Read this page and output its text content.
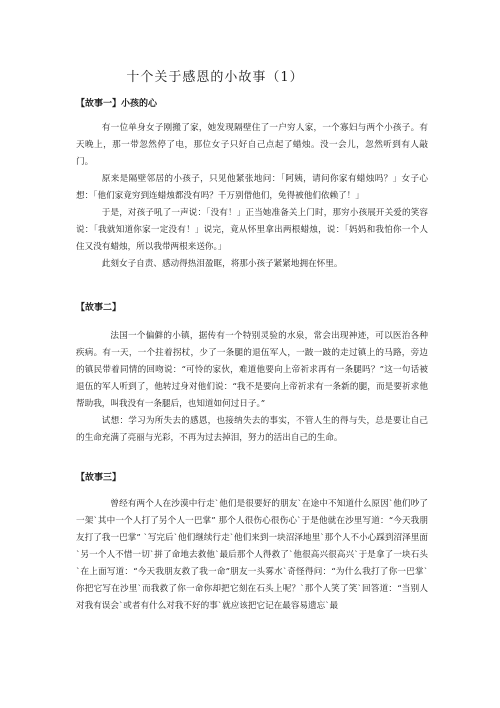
十个关于感恩的小故事（1）
【故事一】小孩的心

有一位单身女子刚搬了家，她发现隔壁住了一户穷人家，一个寡妇与两个小孩子。有天晚上，那一带忽然停了电，那位女子只好自己点起了蜡烛。没一会儿，忽然听到有人敲门。

原来是隔壁邻居的小孩子，只见他紧张地问：「阿姨，请问你家有蜡烛吗？」女子心想：「他们家竟穷到连蜡烛都没有吗？千万别借他们，免得被他们依赖了！」

于是，对孩子吼了一声说：「没有！」正当她准备关上门时，那穷小孩展开关爱的笑容说：「我就知道你家一定没有！」说完，竟从怀里拿出两根蜡烛，说：「妈妈和我怕你一个人住又没有蜡烛，所以我带两根来送你。」

此刻女子自责、感动得热泪盈眶，将那小孩子紧紧地拥在怀里。

【故事二】

法国一个偏僻的小镇，据传有一个特别灵验的水泉，常会出现神迹，可以医治各种疾病。有一天，一个拄着拐杖，少了一条腿的退伍军人，一跛一跛的走过镇上的马路，旁边的镇民带着同情的回吻说：“可怜的家伙，难道他要向上帝祈求再有一条腿吗？”这一句话被退伍的军人听到了，他转过身对他们说：“我不是要向上帝祈求有一条新的腿，而是要祈求他帮助我，叫我没有一条腿后，也知道如何过日子。”

试想：学习为所失去的感恩，也接纳失去的事实，不管人生的得与失，总是要让自己的生命充满了亮丽与光彩，不再为过去掉泪，努力的活出自己的生命。

【故事三】

曾经有两个人在沙漠中行走`他们是很要好的朋友`在途中不知道什么原因`他们吵了一架`其中一个人打了另个人一巴掌” 那个人很伤心很伤心`于是他就在沙里写道：“今天我朋友打了我一巴掌” `写完后`他们继续行走`他们来到一块沼泽地里`那个人不小心踩到沼泽里面`另一个人不惜一切`拼了命地去救他`最后那个人得救了`他很高兴很高兴`于是拿了一块石头`在上面写道：“今天我朋友救了我一命”朋友一头雾水`奇怪得问：“为什么我打了你一巴掌`你把它写在沙里`而我救了你一命你却把它刻在石头上呢？`那个人笑了笑`回答道：“当别人对我有误会`或者有什么对我不好的事`就应该把它记在最容易遗忘`最
